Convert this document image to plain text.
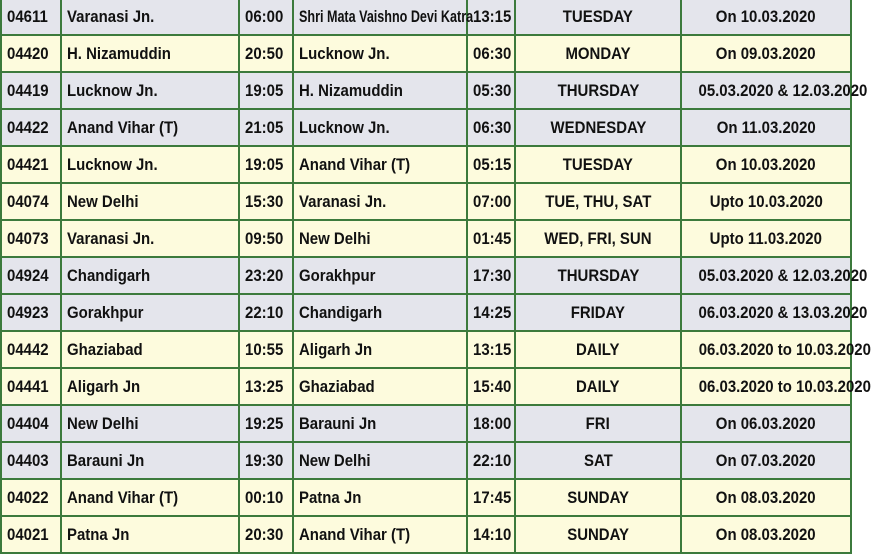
04611	Varanasi Jn.	06:00	Shri Mata Vaishno Devi Katra	13:15	TUESDAY	On 10.03.2020
04420	H. Nizamuddin	20:50	Lucknow Jn.	06:30	MONDAY	On 09.03.2020
04419	Lucknow Jn.	19:05	H. Nizamuddin	05:30	THURSDAY	05.03.2020 & 12.03.2020
04422	Anand Vihar (T)	21:05	Lucknow Jn.	06:30	WEDNESDAY	On 11.03.2020
04421	Lucknow Jn.	19:05	Anand Vihar (T)	05:15	TUESDAY	On 10.03.2020
04074	New Delhi	15:30	Varanasi Jn.	07:00	TUE, THU, SAT	Upto 10.03.2020
04073	Varanasi Jn.	09:50	New Delhi	01:45	WED, FRI, SUN	Upto 11.03.2020
04924	Chandigarh	23:20	Gorakhpur	17:30	THURSDAY	05.03.2020 & 12.03.2020
04923	Gorakhpur	22:10	Chandigarh	14:25	FRIDAY	06.03.2020 & 13.03.2020
04442	Ghaziabad	10:55	Aligarh Jn	13:15	DAILY	06.03.2020 to 10.03.2020
04441	Aligarh Jn	13:25	Ghaziabad	15:40	DAILY	06.03.2020 to 10.03.2020
04404	New Delhi	19:25	Barauni Jn	18:00	FRI	On 06.03.2020
04403	Barauni Jn	19:30	New Delhi	22:10	SAT	On 07.03.2020
04022	Anand Vihar (T)	00:10	Patna Jn	17:45	SUNDAY	On 08.03.2020
04021	Patna Jn	20:30	Anand Vihar (T)	14:10	SUNDAY	On 08.03.2020
